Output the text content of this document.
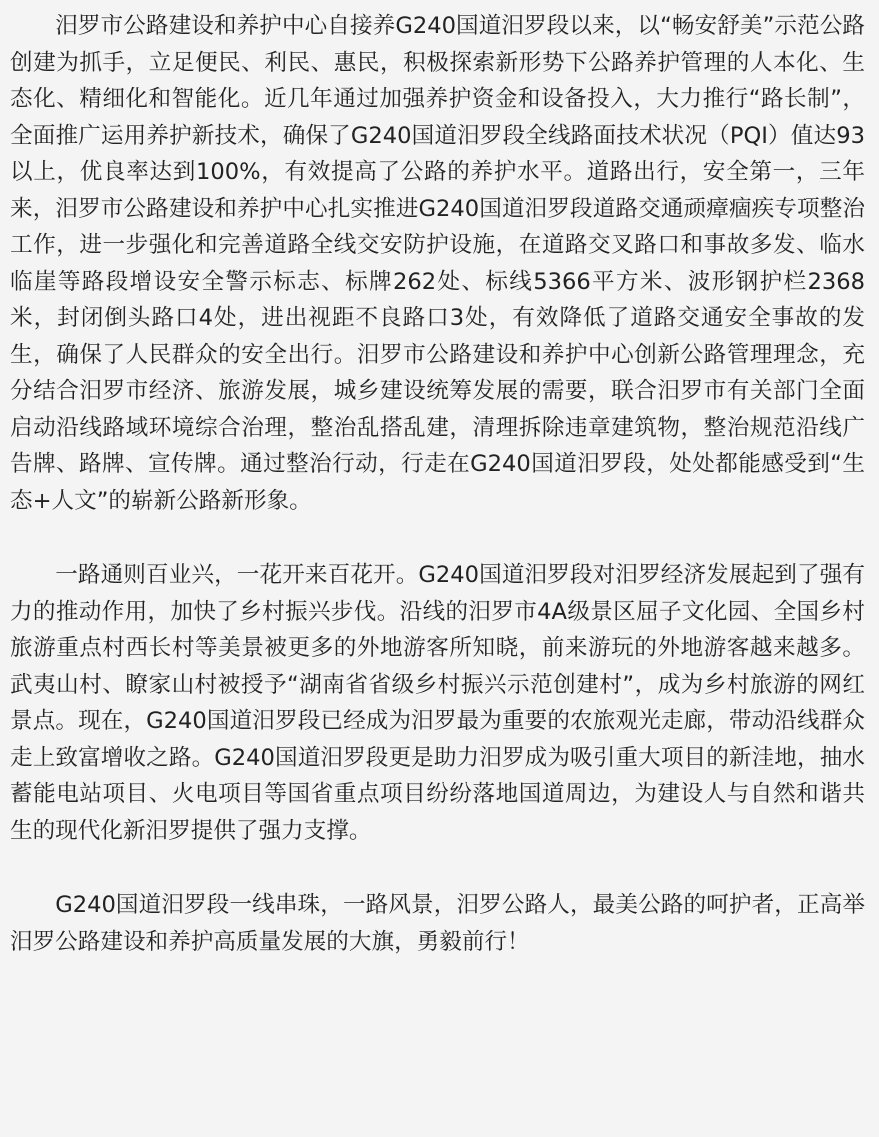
汨罗市公路建设和养护中心自接养G240国道汨罗段以来，以“畅安舒美”示范公路创建为抓手，立足便民、利民、惠民，积极探索新形势下公路养护管理的人本化、生态化、精细化和智能化。近几年通过加强养护资金和设备投入，大力推行“路长制”，全面推广运用养护新技术，确保了G240国道汨罗段全线路面技术状况（PQI）值达93以上，优良率达到100%，有效提高了公路的养护水平。道路出行，安全第一，三年来，汨罗市公路建设和养护中心扎实推进G240国道汨罗段道路交通顽瘴痼疾专项整治工作，进一步强化和完善道路全线交安防护设施，在道路交叉路口和事故多发、临水临崖等路段增设安全警示标志、标牌262处、标线5366平方米、波形钢护栏2368米，封闭倒头路口4处，进出视距不良路口3处，有效降低了道路交通安全事故的发生，确保了人民群众的安全出行。汨罗市公路建设和养护中心创新公路管理理念，充分结合汨罗市经济、旅游发展，城乡建设统筹发展的需要，联合汨罗市有关部门全面启动沿线路域环境综合治理，整治乱搭乱建，清理拆除违章建筑物，整治规范沿线广告牌、路牌、宣传牌。通过整治行动，行走在G240国道汨罗段，处处都能感受到“生态+人文”的崭新公路新形象。

一路通则百业兴，一花开来百花开。G240国道汨罗段对汨罗经济发展起到了强有力的推动作用，加快了乡村振兴步伐。沿线的汨罗市4A级景区屈子文化园、全国乡村旅游重点村西长村等美景被更多的外地游客所知晓，前来游玩的外地游客越来越多。武夷山村、瞭家山村被授予“湖南省省级乡村振兴示范创建村”，成为乡村旅游的网红景点。现在，G240国道汨罗段已经成为汨罗最为重要的农旅观光走廊，带动沿线群众走上致富增收之路。G240国道汨罗段更是助力汨罗成为吸引重大项目的新洼地，抽水蓄能电站项目、火电项目等国省重点项目纷纷落地国道周边，为建设人与自然和谐共生的现代化新汨罗提供了强力支撑。

G240国道汨罗段一线串珠，一路风景，汨罗公路人，最美公路的呵护者，正高举汨罗公路建设和养护高质量发展的大旗，勇毅前行！
